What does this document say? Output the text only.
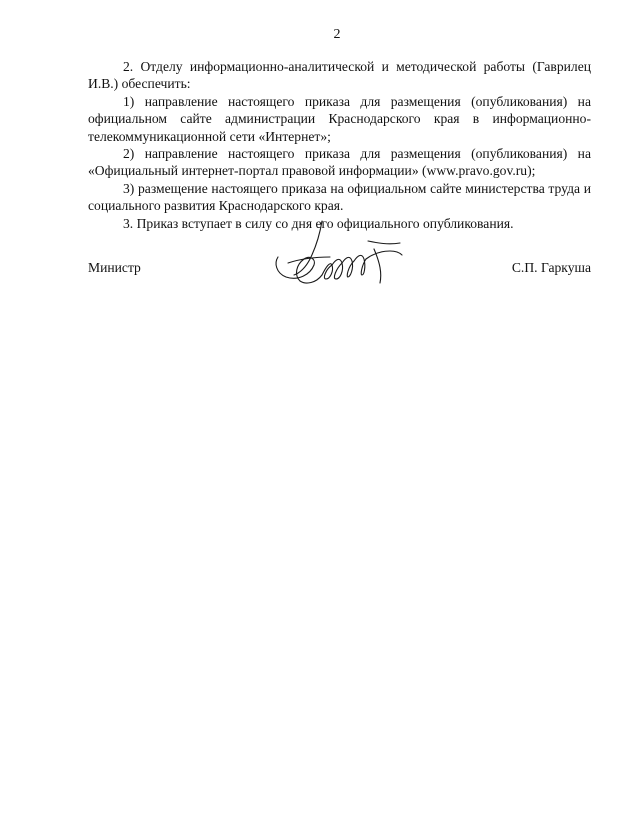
2

2. Отделу информационно-аналитической и методической работы (Гаврилец И.В.) обеспечить:

1) направление настоящего приказа для размещения (опубликования) на официальном сайте администрации Краснодарского края в информационно-телекоммуникационной сети «Интернет»;

2) направление настоящего приказа для размещения (опубликования) на «Официальный интернет-портал правовой информации» (www.pravo.gov.ru);

3) размещение настоящего приказа на официальном сайте министерства труда и социального развития Краснодарского края.

3. Приказ вступает в силу со дня его официального опубликования.

Министр	С.П. Гаркуша
